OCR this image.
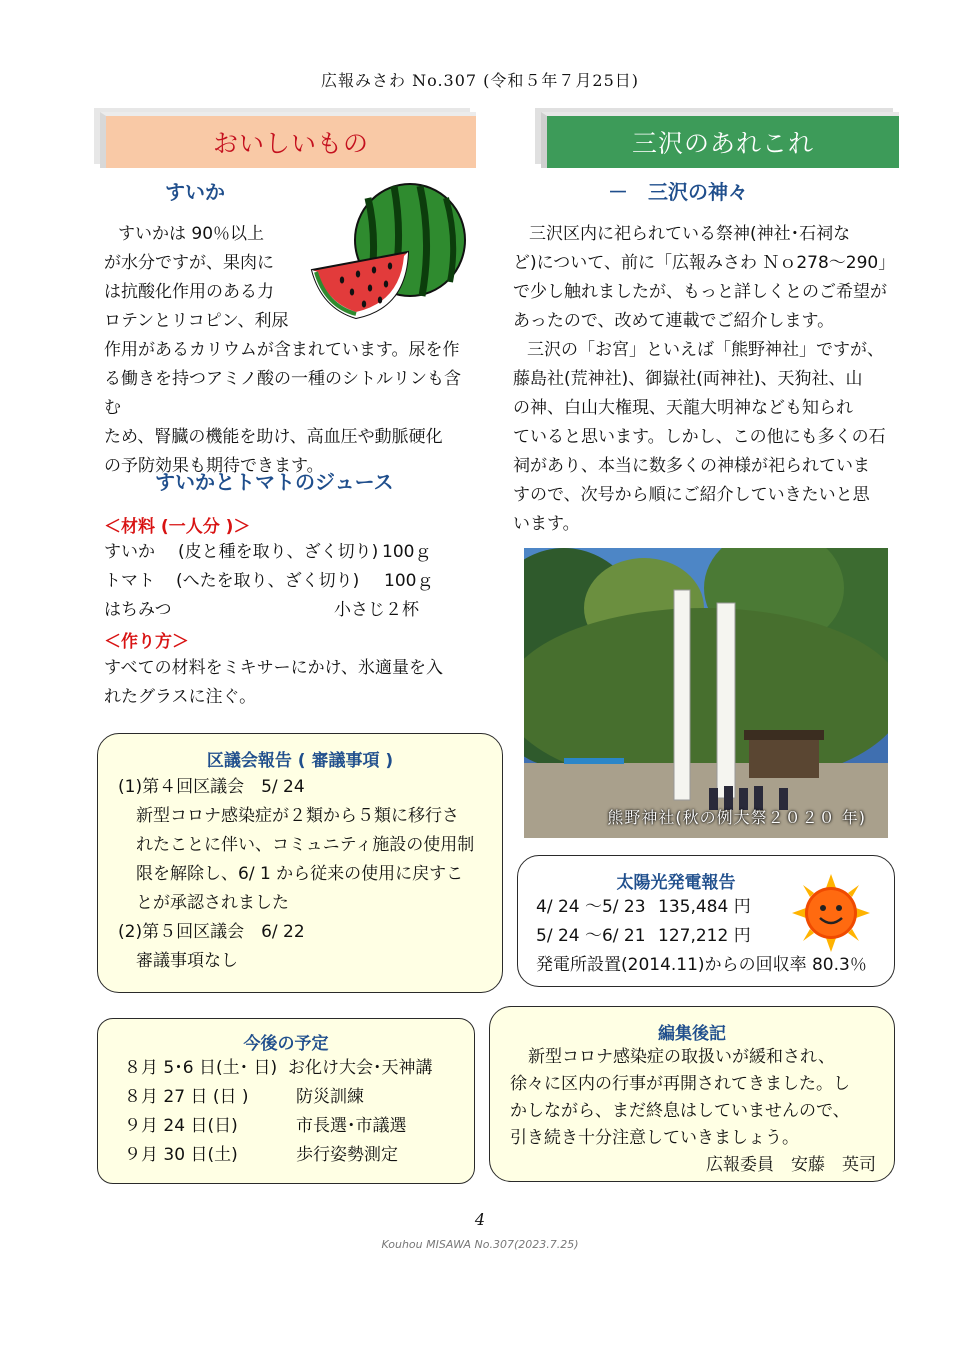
広報みさわ No.307 (令和５年７月25日)
おいしいもの
すいか
すいかは 90％以上
が水分ですが、果肉に
は抗酸化作用のある力
ロテンとリコピン、利尿
作用があるカリウムが含まれています。尿を作
る働きを持つアミノ酸の一種のシトルリンも含む
ため、腎臓の機能を助け、高血圧や動脈硬化
の予防効果も期待できます。
すいかとトマトのジュース
＜材料 (一人分 )＞
すいか	(皮と種を取り、ざく切り) 100ｇ
トマト	(へたを取り、ざく切り)	100ｇ
はちみつ	小さじ２杯
＜作り方＞
すべての材料をミキサーにかけ、氷適量を入
れたグラスに注ぐ。
区議会報告 ( 審議事項 )
(1)第４回区議会　5/ 24
新型コロナ感染症が２類から５類に移行さ
れたことに伴い、コミュニティ施設の使用制
限を解除し、6/ 1 から従来の使用に戻すこ
とが承認されました
(2)第５回区議会　6/ 22
審議事項なし
今後の予定
８月 5･6 日(土･ 日) お化け大会･天神講
８月 27 日 (日 )	防災訓練
９月 24 日(日)	市長選･市議選
９月 30 日(土)	歩行姿勢測定
三沢のあれこれ
－　三沢の神々
三沢区内に祀られている祭神(神社･石祠な
ど)について、前に「広報みさわ Ｎｏ278～290」
で少し触れましたが、もっと詳しくとのご希望が
あったので、改めて連載でご紹介します。
三沢の「お宮」といえば「熊野神社」ですが、
藤島社(荒神社)、御嶽社(両神社)、天狗社、山
の神、白山大権現、天龍大明神なども知られ
ていると思います。しかし、この他にも多くの石
祠があり、本当に数多くの神様が祀られていま
すので、次号から順にご紹介していきたいと思
います。
熊野神社(秋の例大祭２０２０ 年)
太陽光発電報告
4/ 24 ～5/ 23 135,484 円
5/ 24 ～6/ 21 127,212 円
発電所設置(2014.11)からの回収率 80.3％
編集後記
新型コロナ感染症の取扱いが緩和され、
徐々に区内の行事が再開されてきました。し
かしながら、まだ終息はしていませんので、
引き続き十分注意していきましょう。
広報委員　安藤　英司
4
Kouhou MISAWA No.307(2023.7.25)
